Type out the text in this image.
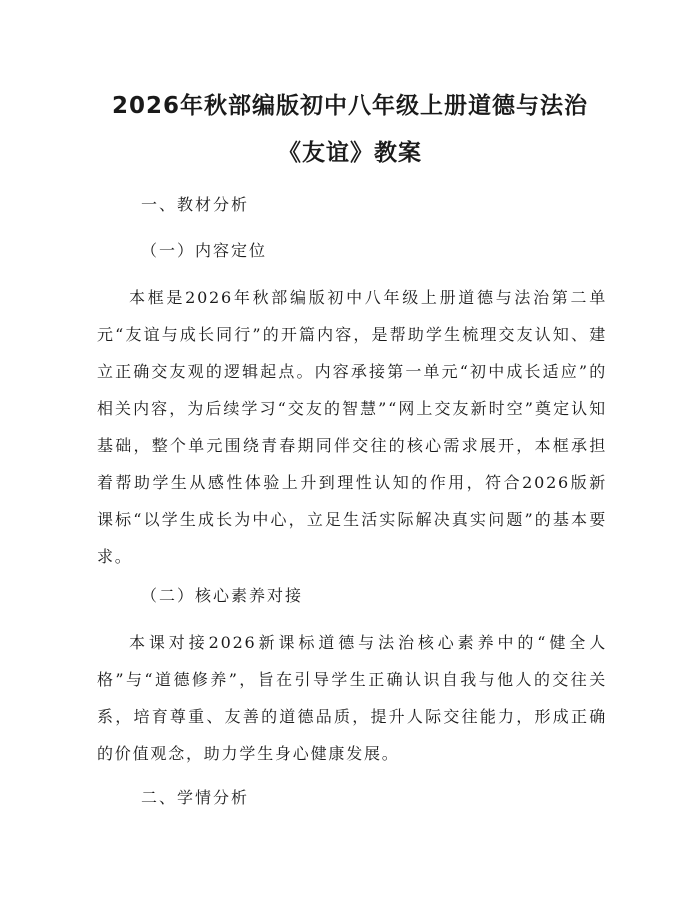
2026年秋部编版初中八年级上册道德与法治
《友谊》教案
一、教材分析
（一）内容定位

本框是2026年秋部编版初中八年级上册道德与法治第二单元“友谊与成长同行”的开篇内容，是帮助学生梳理交友认知、建立正确交友观的逻辑起点。内容承接第一单元“初中成长适应”的相关内容，为后续学习“交友的智慧”“网上交友新时空”奠定认知基础，整个单元围绕青春期同伴交往的核心需求展开，本框承担着帮助学生从感性体验上升到理性认知的作用，符合2026版新课标“以学生成长为中心，立足生活实际解决真实问题”的基本要求。

（二）核心素养对接

本课对接2026新课标道德与法治核心素养中的“健全人格”与“道德修养”，旨在引导学生正确认识自我与他人的交往关系，培育尊重、友善的道德品质，提升人际交往能力，形成正确的价值观念，助力学生身心健康发展。

二、学情分析
